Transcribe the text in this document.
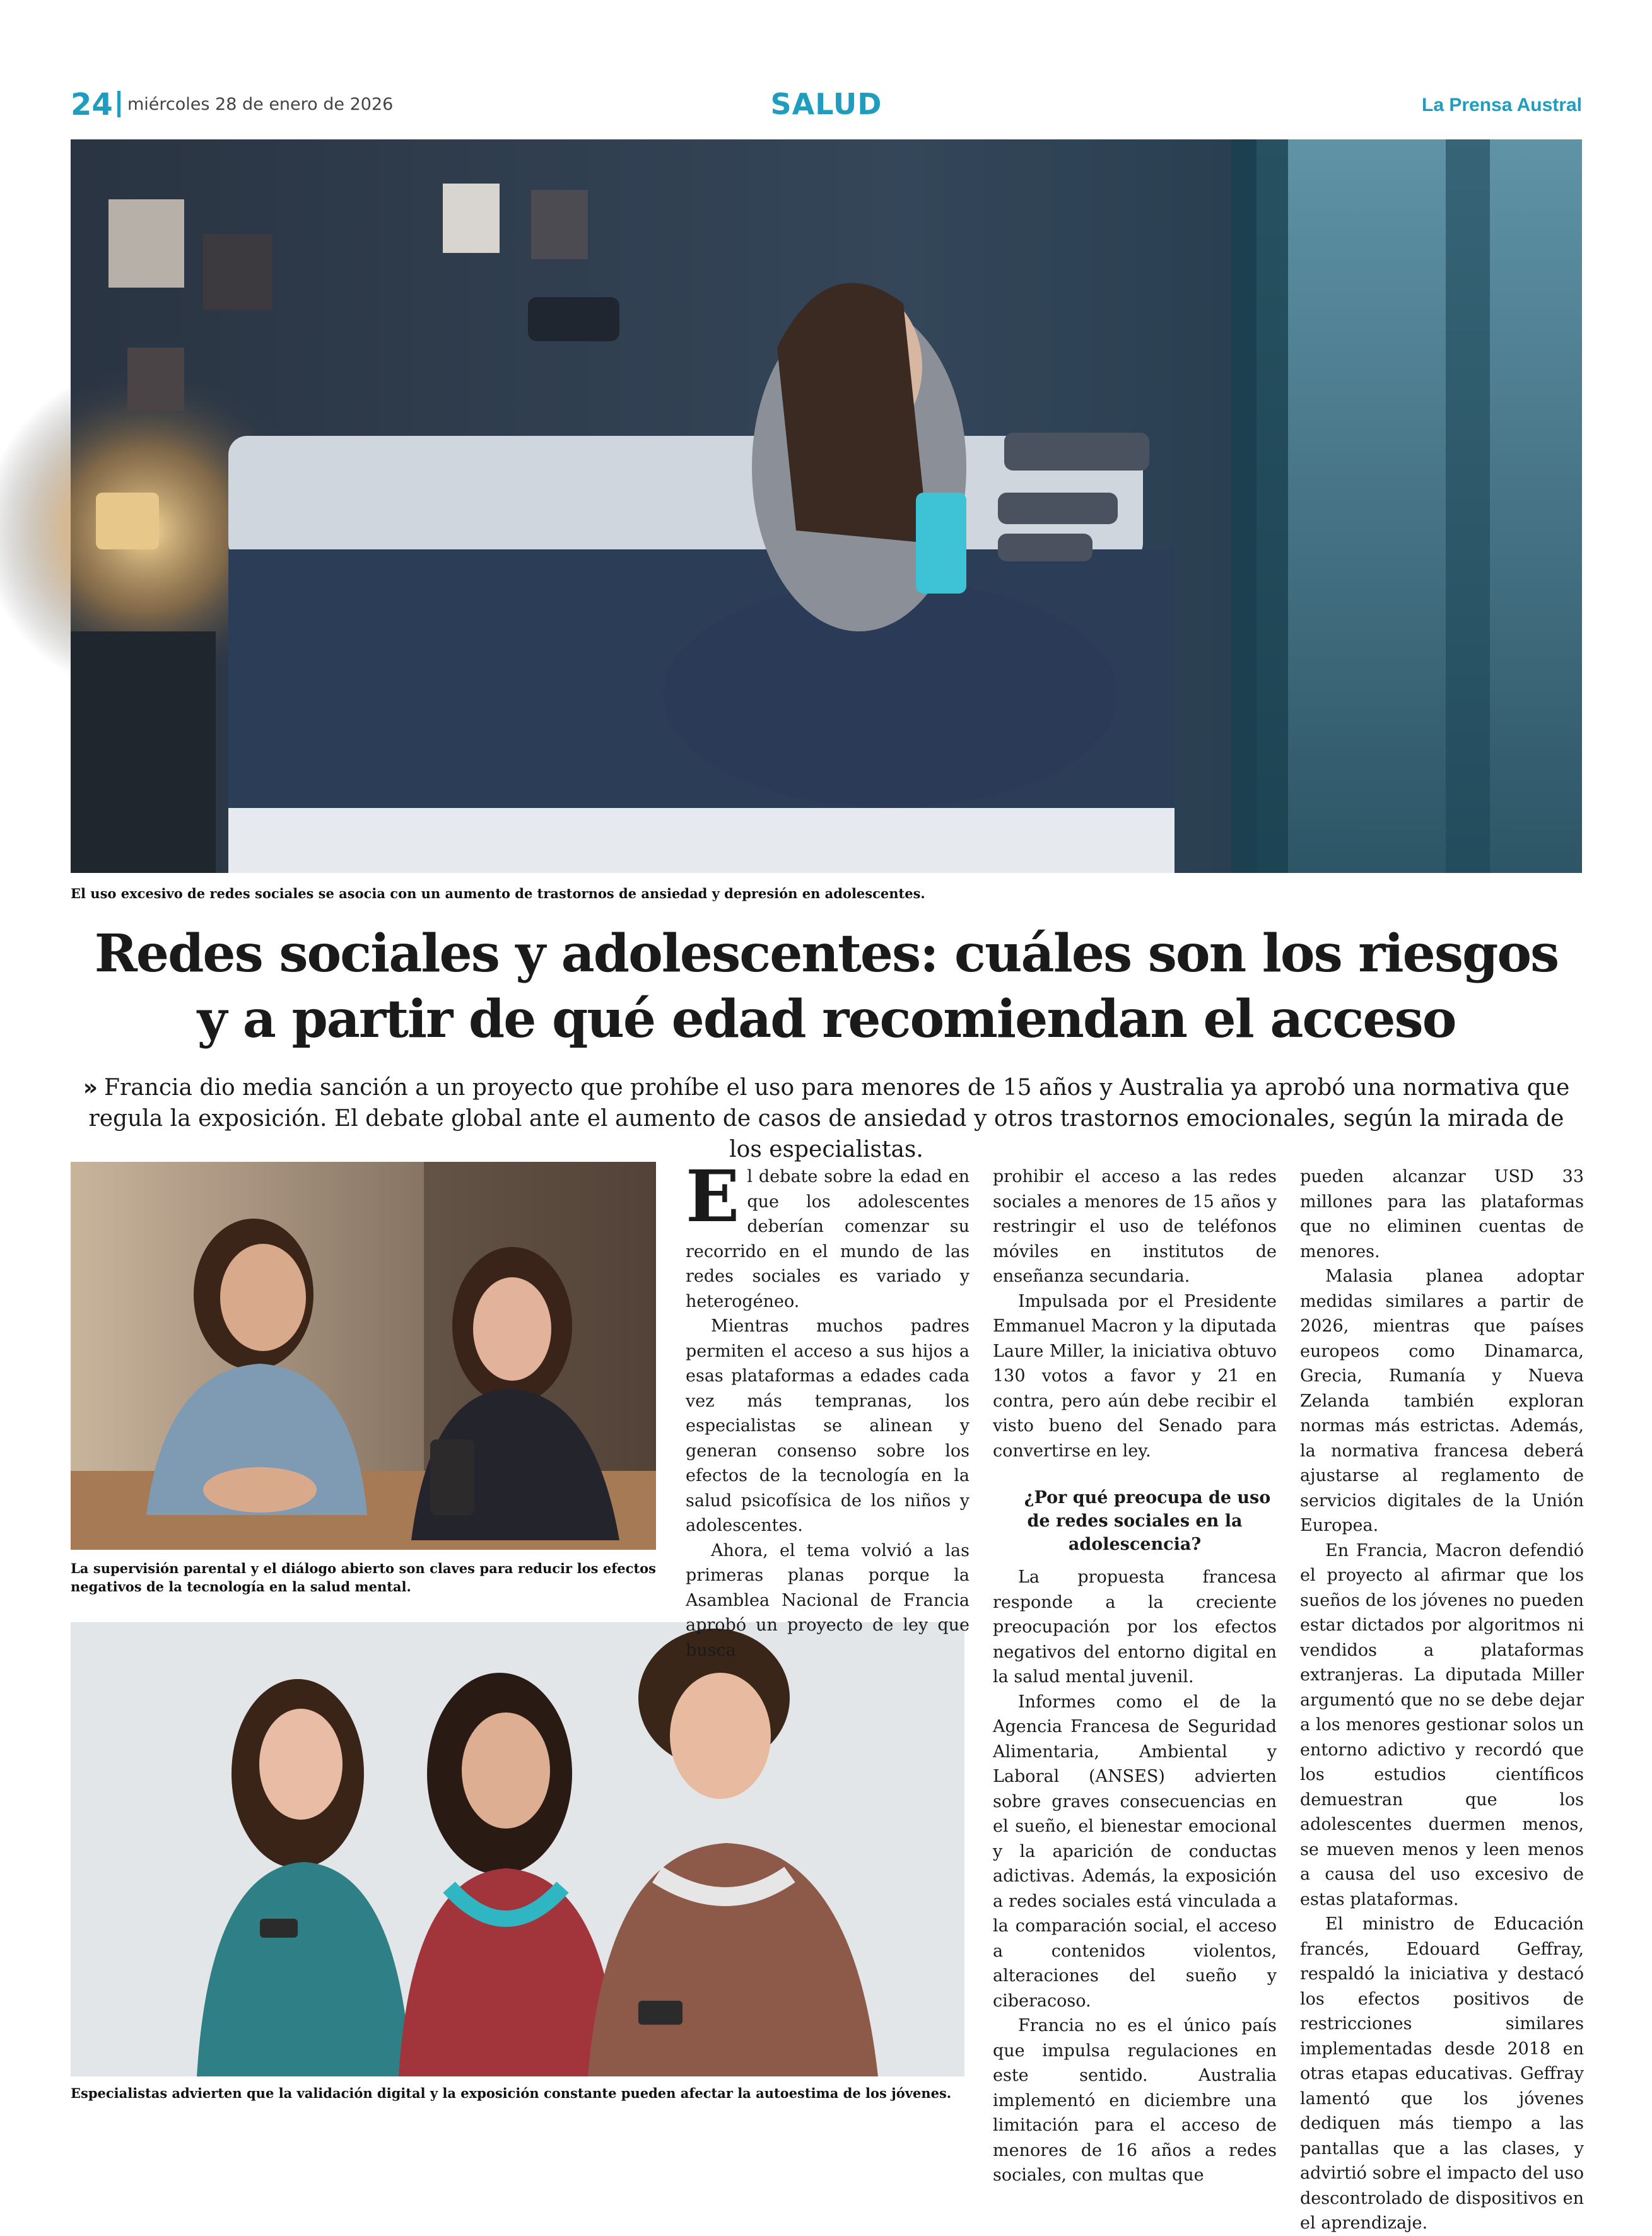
SALUD
24 miércoles 28 de enero de 2026	La Prensa Austral
El uso excesivo de redes sociales se asocia con un aumento de trastornos de ansiedad y depresión en adolescentes.
Redes sociales y adolescentes: cuáles son los riesgos
y a partir de qué edad recomiendan el acceso

» Francia dio media sanción a un proyecto que prohíbe el uso para menores de 15 años y Australia ya aprobó una normativa que regula la exposición. El debate global ante el aumento de casos de ansiedad y otros trastornos emocionales, según la mirada de los especialistas.

La supervisión parental y el diálogo abierto son claves para reducir los efectos negativos de la tecnología en la salud mental.
Especialistas advierten que la validación digital y la exposición constante pueden afectar la autoestima de los jóvenes.
E l debate sobre la edad en que los adolescentes deberían comenzar su recorrido en el mundo de las redes sociales es variado y heterogéneo.

Mientras muchos padres permiten el acceso a sus hijos a esas plataformas a edades cada vez más tempranas, los especialistas se alinean y generan consenso sobre los efectos de la tecnología en la salud psicofísica de los niños y adolescentes.

Ahora, el tema volvió a las primeras planas porque la Asamblea Nacional de Francia aprobó un proyecto de ley que busca

prohibir el acceso a las redes sociales a menores de 15 años y restringir el uso de teléfonos móviles en institutos de enseñanza secundaria.

Impulsada por el Presidente Emmanuel Macron y la diputada Laure Miller, la iniciativa obtuvo 130 votos a favor y 21 en contra, pero aún debe recibir el visto bueno del Senado para convertirse en ley.

¿Por qué preocupa de uso de redes sociales en la adolescencia?

La propuesta francesa responde a la creciente preocupación por los efectos negativos del entorno digital en la salud mental juvenil.

Informes como el de la Agencia Francesa de Seguridad Alimentaria, Ambiental y Laboral (ANSES) advierten sobre graves consecuencias en el sueño, el bienestar emocional y la aparición de conductas adictivas. Además, la exposición a redes sociales está vinculada a la comparación social, el acceso a contenidos violentos, alteraciones del sueño y ciberacoso.

Francia no es el único país que impulsa regulaciones en este sentido. Australia implementó en diciembre una limitación para el acceso de menores de 16 años a redes sociales, con multas que

pueden alcanzar USD 33 millones para las plataformas que no eliminen cuentas de menores.

Malasia planea adoptar medidas similares a partir de 2026, mientras que países europeos como Dinamarca, Grecia, Rumanía y Nueva Zelanda también exploran normas más estrictas. Además, la normativa francesa deberá ajustarse al reglamento de servicios digitales de la Unión Europea.

En Francia, Macron defendió el proyecto al afirmar que los sueños de los jóvenes no pueden estar dictados por algoritmos ni vendidos a plataformas extranjeras. La diputada Miller argumentó que no se debe dejar a los menores gestionar solos un entorno adictivo y recordó que los estudios científicos demuestran que los adolescentes duermen menos, se mueven menos y leen menos a causa del uso excesivo de estas plataformas.

El ministro de Educación francés, Edouard Geffray, respaldó la iniciativa y destacó los efectos positivos de restricciones similares implementadas desde 2018 en otras etapas educativas. Geffray lamentó que los jóvenes dediquen más tiempo a las pantallas que a las clases, y advirtió sobre el impacto del uso descontrolado de dispositivos en el aprendizaje.
